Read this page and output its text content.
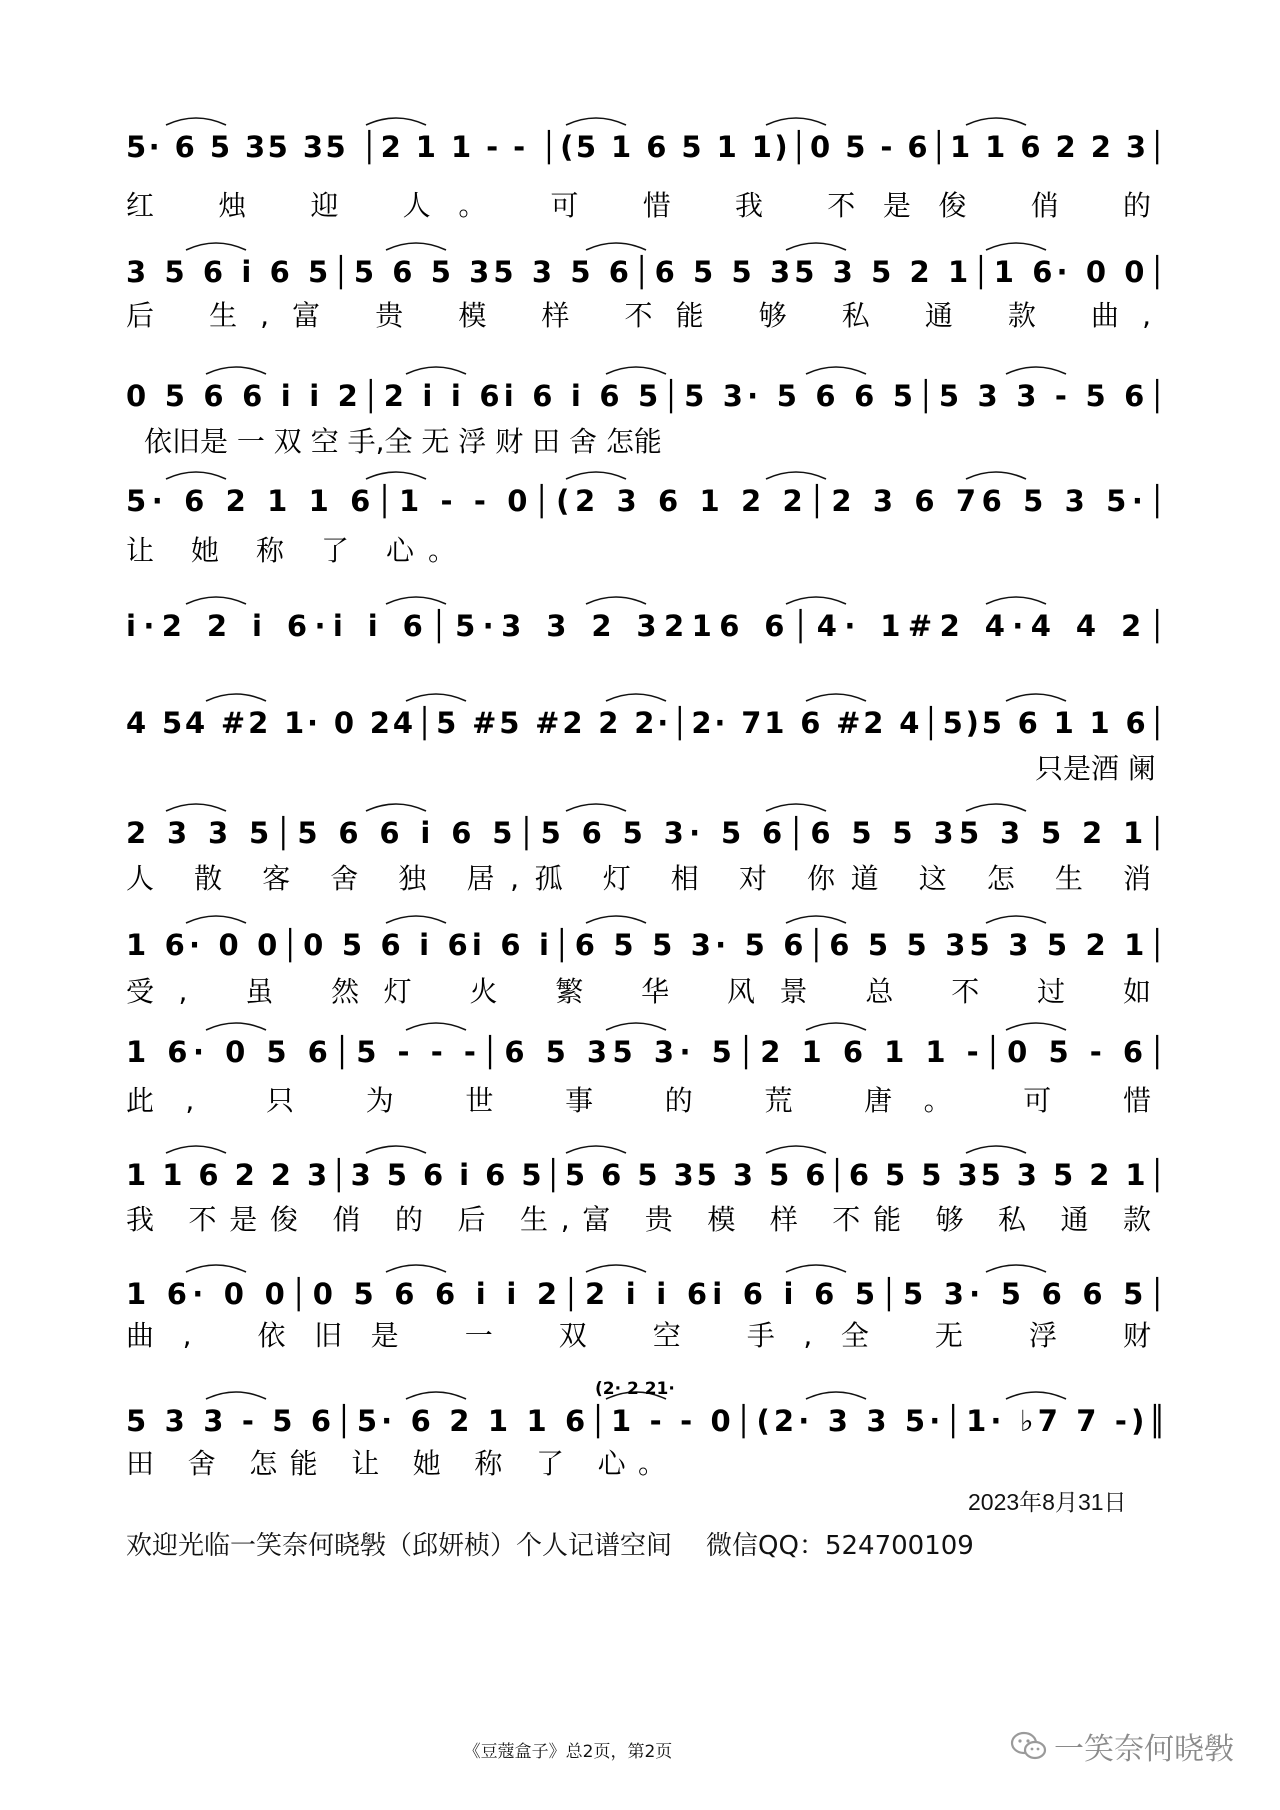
5· 6 5 35 35 │2 1 1 - - │(5 1 6 5 1 1)│0 5 - 6│1 1 6 2 2 3│
红 烛 迎 人。 可 惜 我 不是俊 俏 的
3 5 6 i 6 5│5 6 5 35 3 5 6│6 5 5 35 3 5 2 1│1 6· 0 0│
后 生,富 贵 模 样 不能 够 私 通 款 曲,
0 5 6 6 i i 2│2 i i 6i 6 i 6 5│5 3· 5 6 6 5│5 3 3 - 5 6│
依旧是 一 双 空 手,全 无 浮 财 田 舍 怎能
5· 6 2 1 1 6│1 - - 0│(2 3 6 1 2 2│2 3 6 76 5 3 5·│
让 她 称 了 心。
i·2 2 i 6·i i 6│5·3 3 2 3216 6│4· 1#2 4·4 4 2│
4 54 #2 1· 0 24│5 #5 #2 2 2·│2· 71 6 #2 4│5)5 6 1 1 6│
只是酒 阑
2 3 3 5│5 6 6 i 6 5│5 6 5 3· 5 6│6 5 5 35 3 5 2 1│
人 散 客 舍 独 居,孤 灯 相 对 你道 这 怎 生 消
1 6· 0 0│0 5 6 i 6i 6 i│6 5 5 3· 5 6│6 5 5 35 3 5 2 1│
受, 虽 然灯 火 繁 华 风景 总 不 过 如
1 6· 0 5 6│5 - - -│6 5 35 3· 5│2 1 6 1 1 -│0 5 - 6│
此, 只 为 世 事 的 荒 唐。 可 惜
1 1 6 2 2 3│3 5 6 i 6 5│5 6 5 35 3 5 6│6 5 5 35 3 5 2 1│
我 不是俊 俏 的 后 生,富 贵 模 样 不能 够 私 通 款
1 6· 0 0│0 5 6 6 i i 2│2 i i 6i 6 i 6 5│5 3· 5 6 6 5│
曲, 依旧是 一 双 空 手,全 无 浮 财
5 3 3 - 5 6│5· 6 2 1 1 6│1 - - 0│(2· 3 3 5·│1· ♭7 7 -)║
田 舍 怎能 让 她 称 了 心。
(2· 2 21·
2023年8月31日
欢迎光临一笑奈何晓斅（邱妍桢）个人记谱空间 微信QQ：524700109
《豆蔻盒子》总2页，第2页	一笑奈何晓斅
